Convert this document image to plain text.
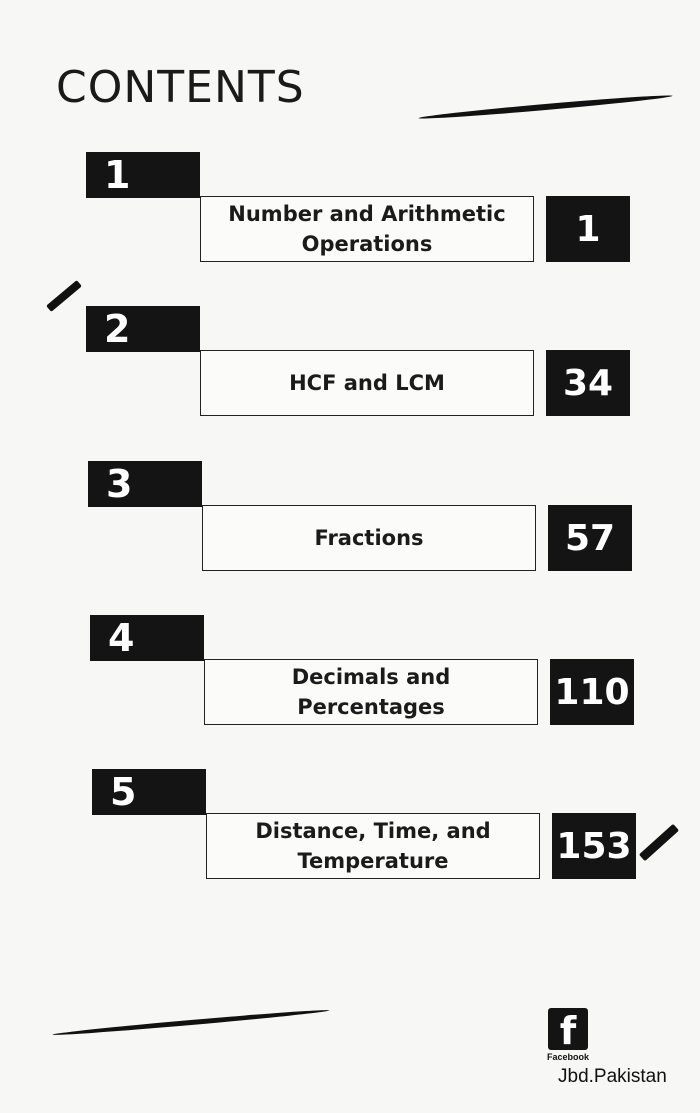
CONTENTS
1
Number and Arithmetic Operations	1
2
HCF and LCM	34
3
Fractions	57
4
Decimals and Percentages	110
5
Distance, Time, and Temperature	153
f
Facebook
Jbd.Pakistan
